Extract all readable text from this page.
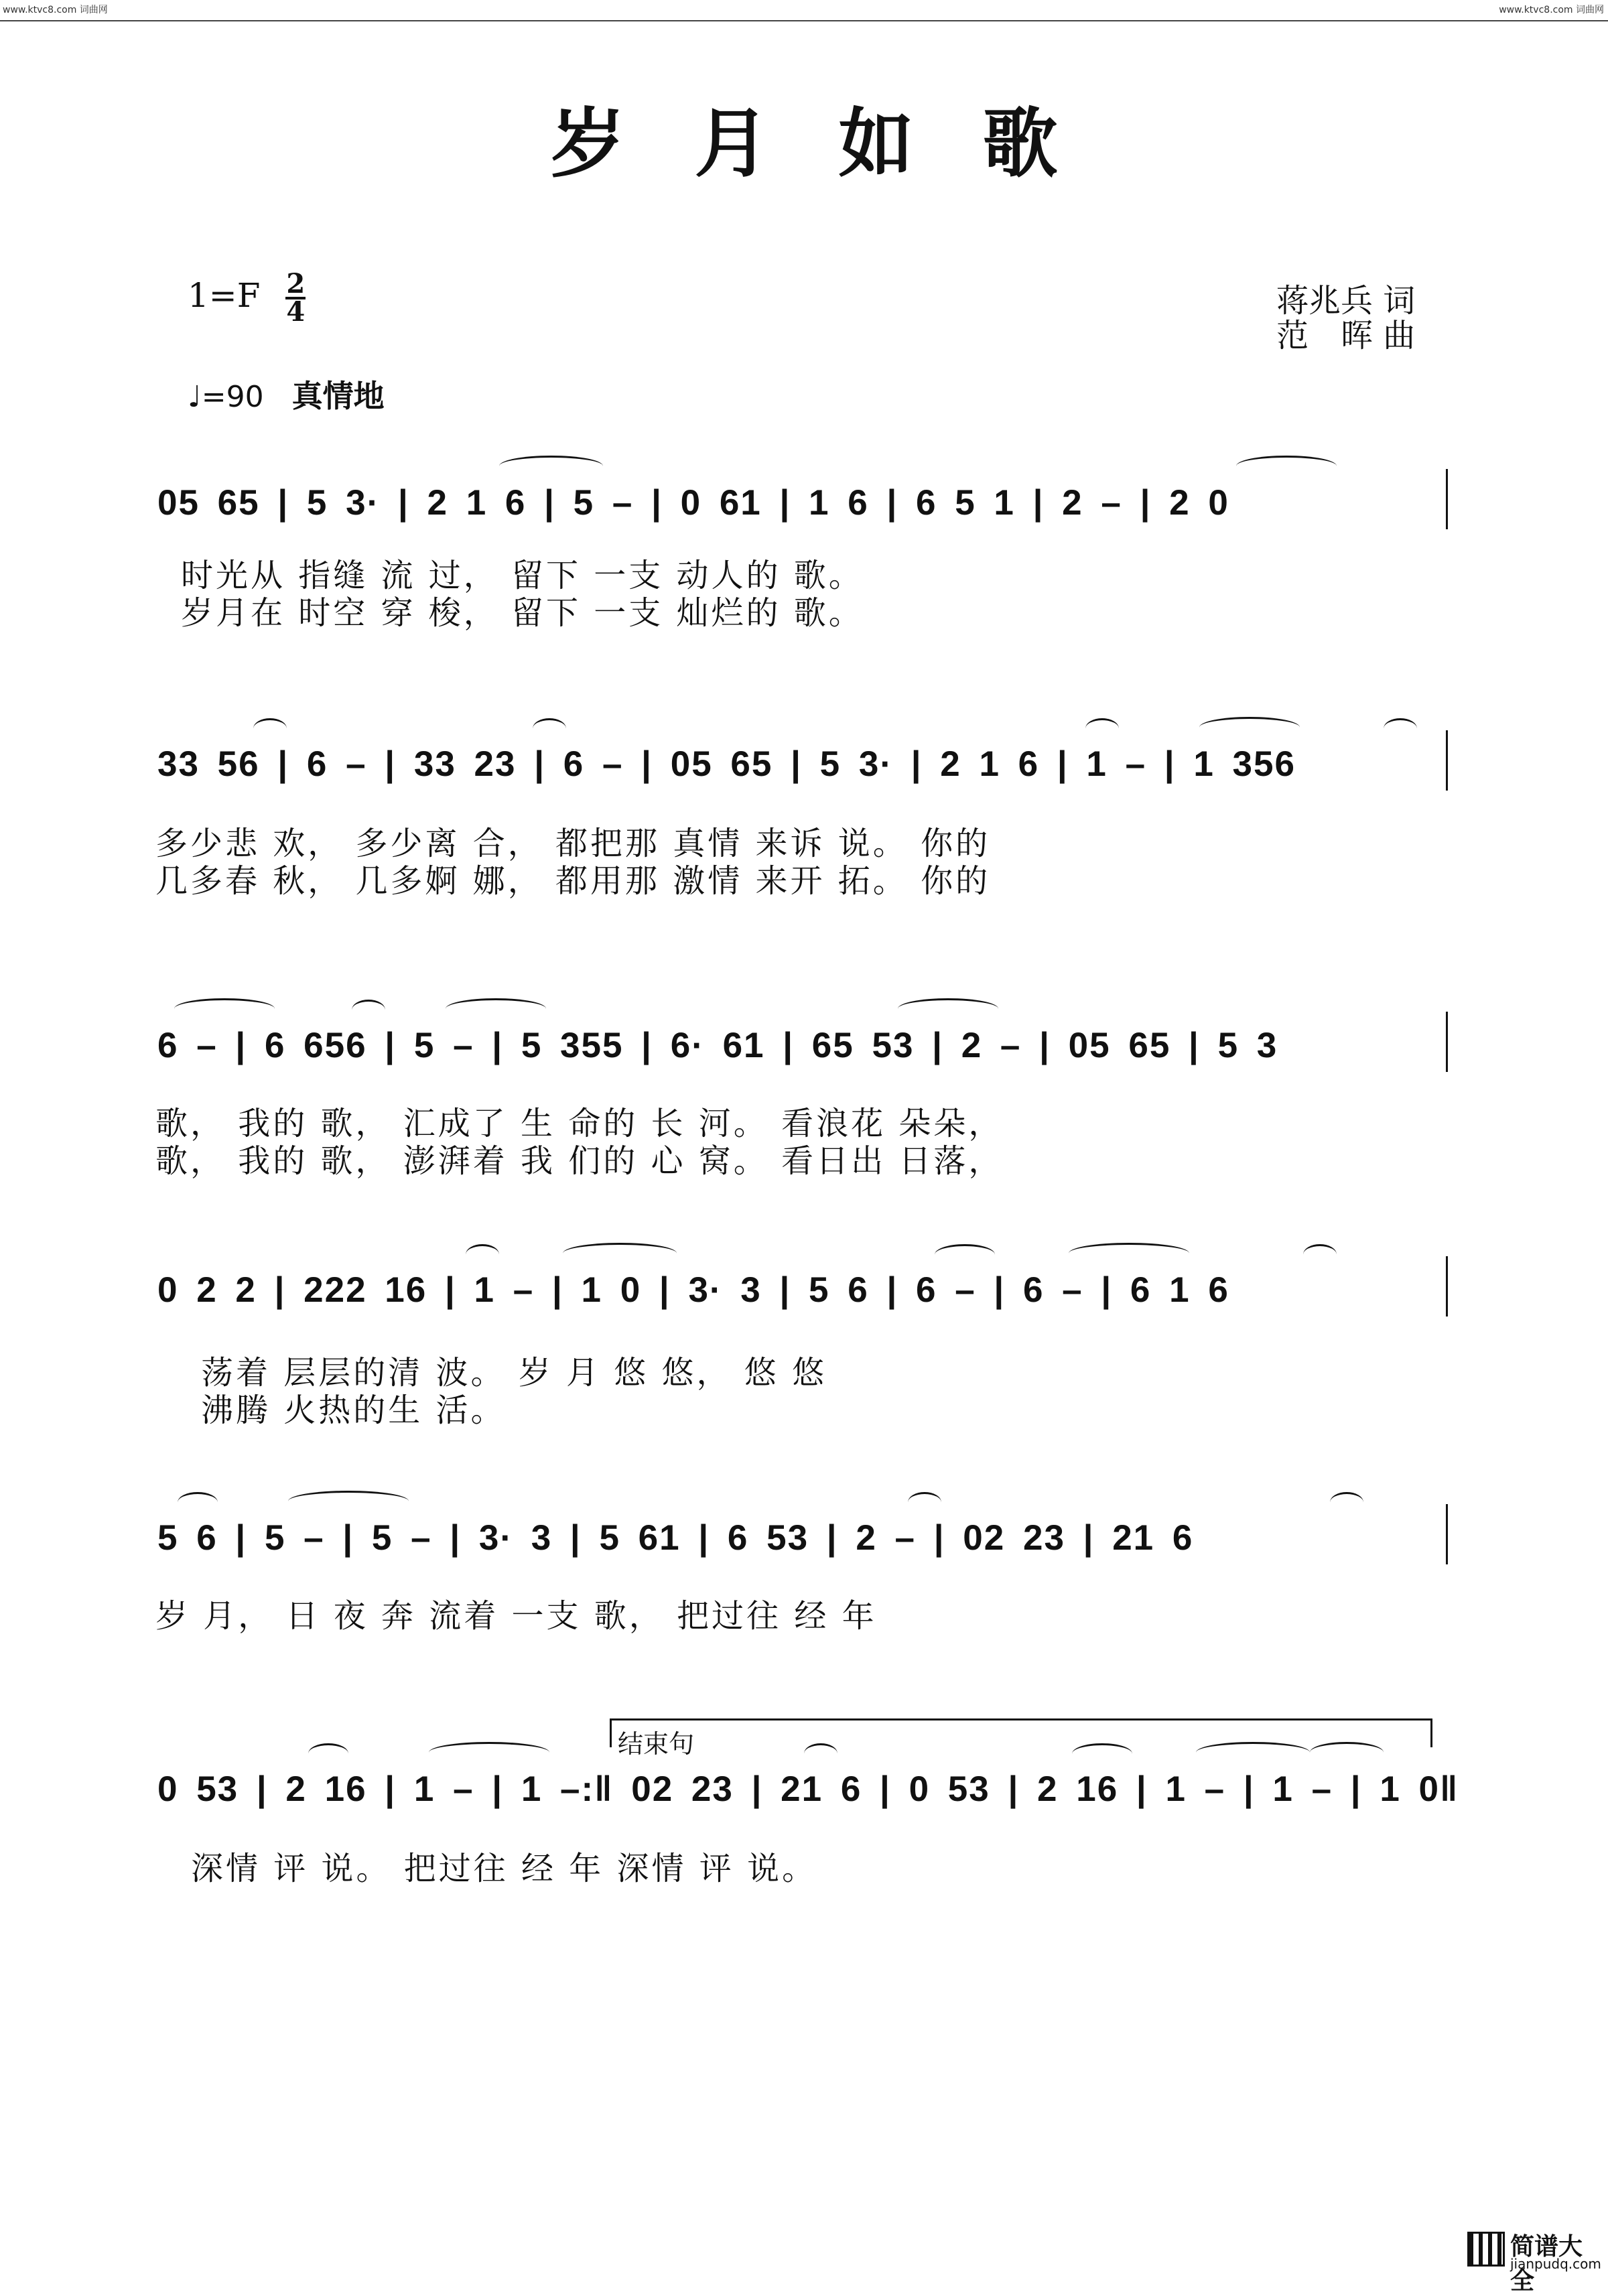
www.ktvc8.com 词曲网	www.ktvc8.com 词曲网
岁 月 如 歌
$1=F \frac{2}{4}$
♩=90 真情地
蒋兆兵 词
范　晖 曲
05 65 | 5 3· | 2 1 6 | 5 – | 0 61 | 1 6 | 6 5 1 | 2 – | 2 0
时光从 指缝 流 过， 留下 一支 动人的 歌。
岁月在 时空 穿 梭， 留下 一支 灿烂的 歌。
33 56 | 6 – | 33 23 | 6 – | 05 65 | 5 3· | 2 1 6 | 1 – | 1 356
多少悲 欢， 多少离 合， 都把那 真情 来诉 说。 你的
几多春 秋， 几多婀 娜， 都用那 激情 来开 拓。 你的
6 – | 6 656 | 5 – | 5 355 | 6· 61 | 65 53 | 2 – | 05 65 | 5 3
歌， 我的 歌， 汇成了 生 命的 长 河。 看浪花 朵朵，
歌， 我的 歌， 澎湃着 我 们的 心 窝。 看日出 日落，
0 2 2 | 222 16 | 1 – | 1 0 | 3· 3 | 5 6 | 6 – | 6 – | 6 1 6
荡着 层层的清 波。 岁 月 悠 悠， 悠 悠
沸腾 火热的生 活。
5 6 | 5 – | 5 – | 3· 3 | 5 61 | 6 53 | 2 – | 02 23 | 21 6
岁 月， 日 夜 奔 流着 一支 歌， 把过往 经 年
结束句
0 53 | 2 16 | 1 – | 1 –:‖ 02 23 | 21 6 | 0 53 | 2 16 | 1 – | 1 – | 1 0‖
深情 评 说。 把过往 经 年 深情 评 说。
简谱大全
jianpudq.com
